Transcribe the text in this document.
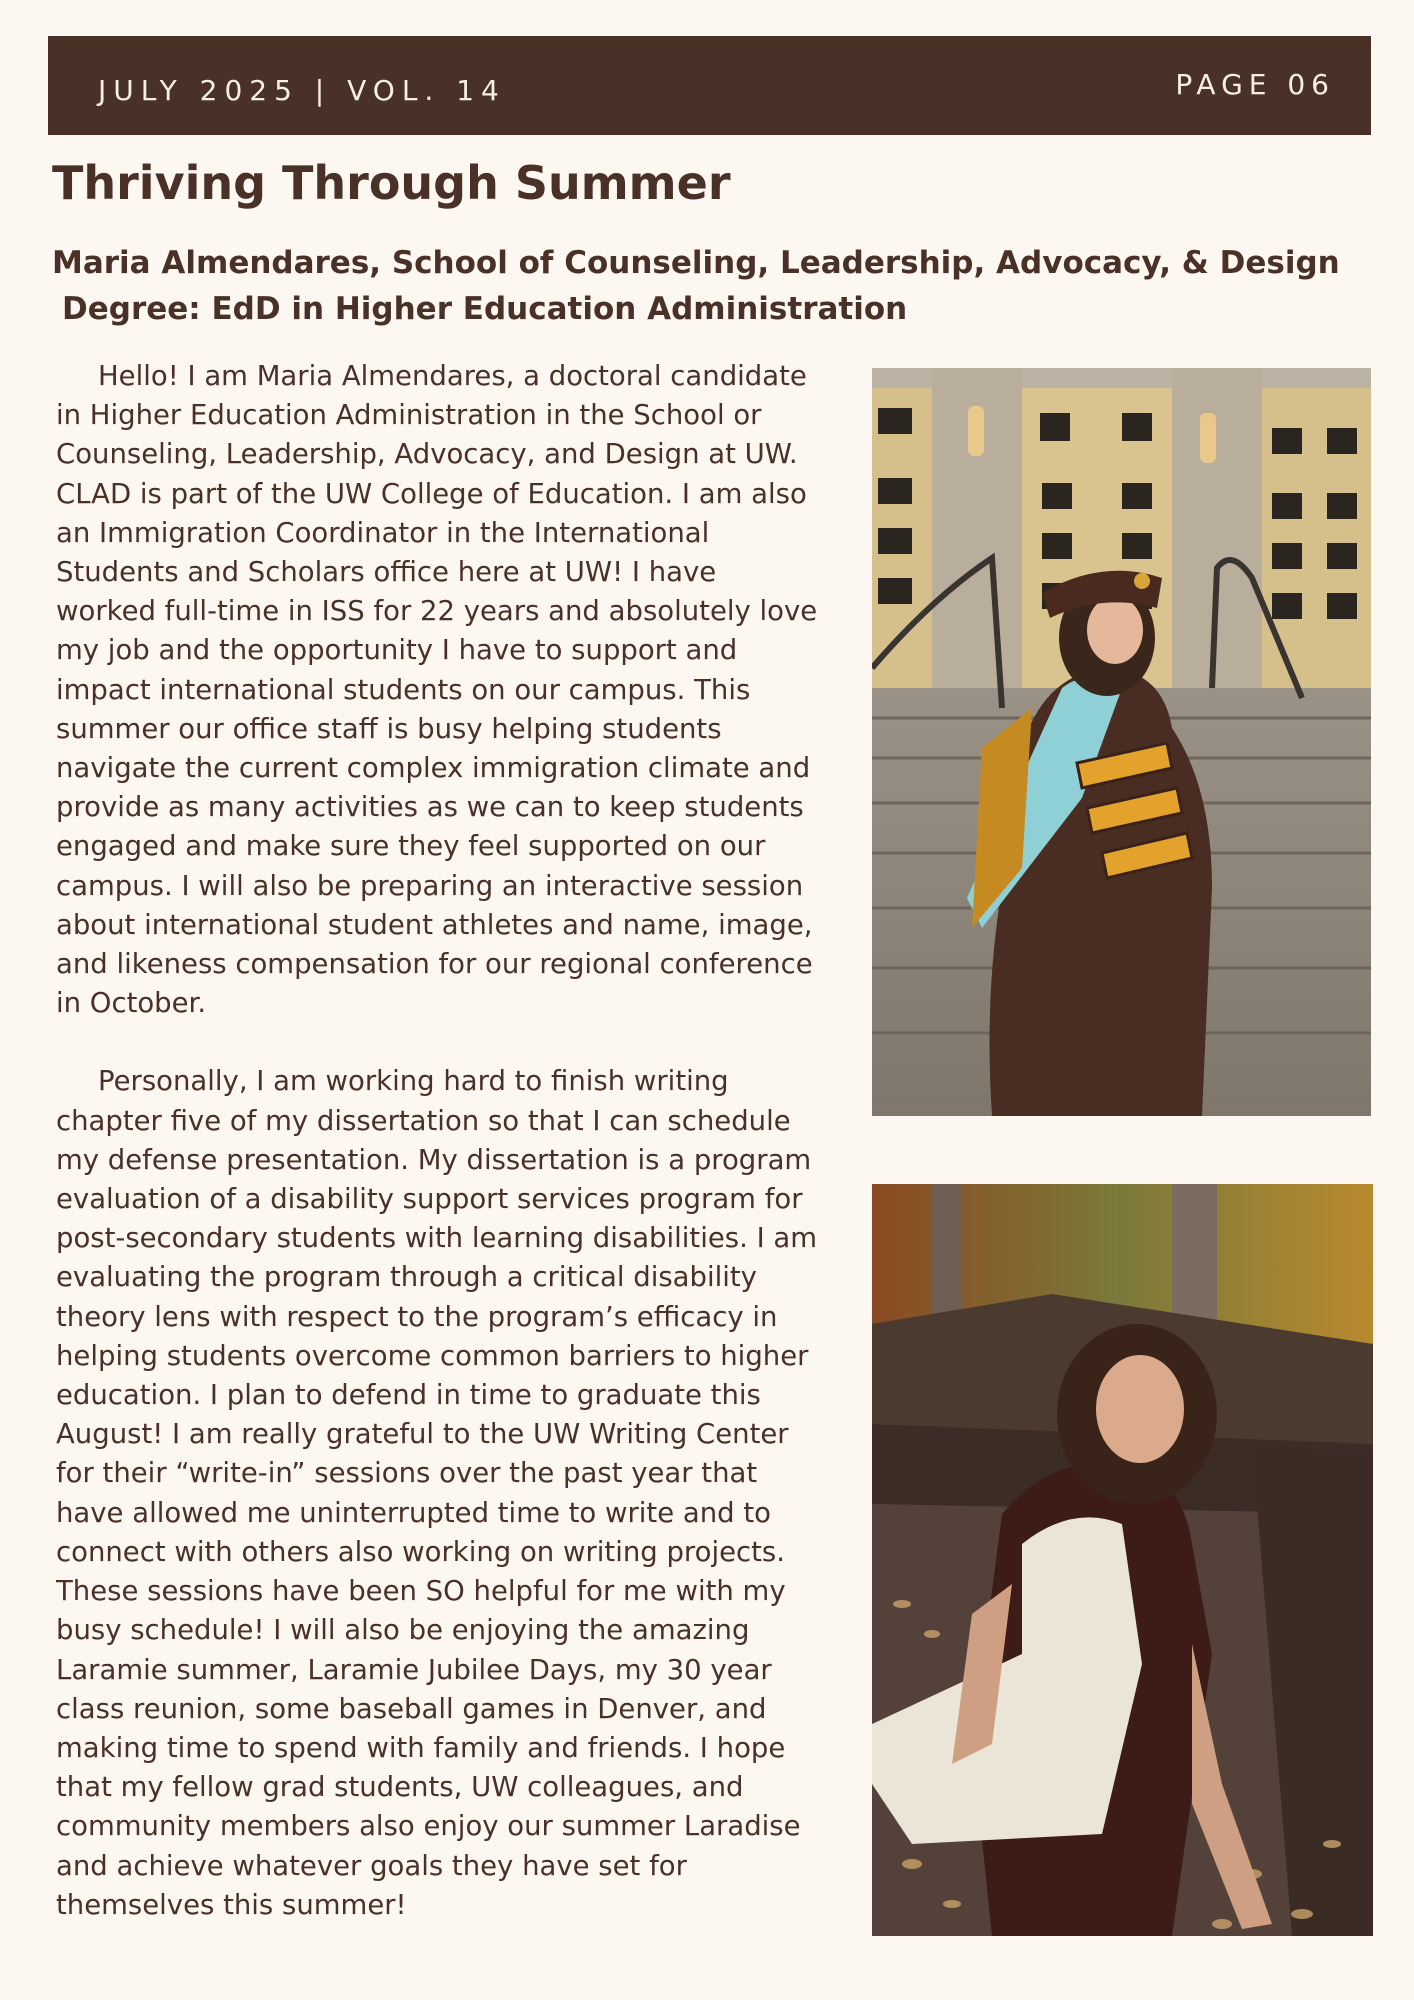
JULY 2025 | VOL. 14	PAGE 06
Thriving Through Summer
Maria Almendares, School of Counseling, Leadership, Advocacy, & Design
Degree: EdD in Higher Education Administration

Hello! I am Maria Almendares, a doctoral candidate in Higher Education Administration in the School or Counseling, Leadership, Advocacy, and Design at UW. CLAD is part of the UW College of Education. I am also an Immigration Coordinator in the International Students and Scholars office here at UW! I have worked full-time in ISS for 22 years and absolutely love my job and the opportunity I have to support and impact international students on our campus. This summer our office staff is busy helping students navigate the current complex immigration climate and provide as many activities as we can to keep students engaged and make sure they feel supported on our campus. I will also be preparing an interactive session about international student athletes and name, image, and likeness compensation for our regional conference in October.

Personally, I am working hard to finish writing chapter five of my dissertation so that I can schedule my defense presentation. My dissertation is a program evaluation of a disability support services program for post-secondary students with learning disabilities. I am evaluating the program through a critical disability theory lens with respect to the program’s efficacy in helping students overcome common barriers to higher education. I plan to defend in time to graduate this August! I am really grateful to the UW Writing Center for their “write-in” sessions over the past year that have allowed me uninterrupted time to write and to connect with others also working on writing projects. These sessions have been SO helpful for me with my busy schedule! I will also be enjoying the amazing Laramie summer, Laramie Jubilee Days, my 30 year class reunion, some baseball games in Denver, and making time to spend with family and friends. I hope that my fellow grad students, UW colleagues, and community members also enjoy our summer Laradise and achieve whatever goals they have set for themselves this summer!
